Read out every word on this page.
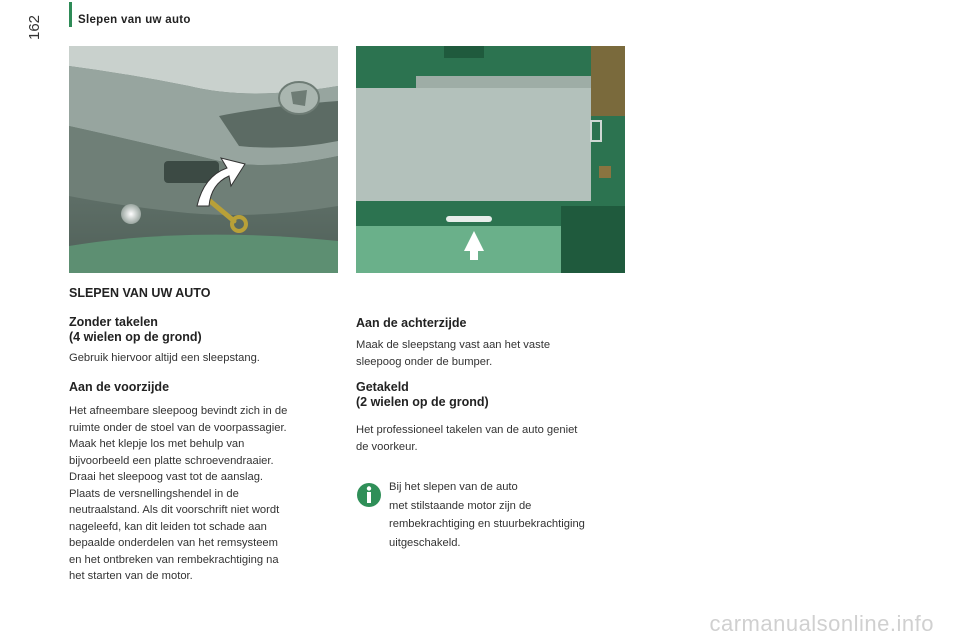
162	Slepen van uw auto
SLEPEN VAN UW AUTO
Zonder takelen
(4 wielen op de grond)
Gebruik hiervoor altijd een sleepstang.
Aan de voorzijde
Het afneembare sleepoog bevindt zich in de
ruimte onder de stoel van de voorpassagier.
Maak het klepje los met behulp van
bijvoorbeeld een platte schroevendraaier.
Draai het sleepoog vast tot de aanslag.
Plaats de versnellingshendel in de
neutraalstand. Als dit voorschrift niet wordt
nageleefd, kan dit leiden tot schade aan
bepaalde onderdelen van het remsysteem
en het ontbreken van rembekrachtiging na
het starten van de motor.
Aan de achterzijde
Maak de sleepstang vast aan het vaste
sleepoog onder de bumper.
Getakeld
(2 wielen op de grond)
Het professioneel takelen van de auto geniet
de voorkeur.
Bij het slepen van de auto
met stilstaande motor zijn de
rembekrachtiging en stuurbekrachtiging
uitgeschakeld.
carmanualsonline.info
